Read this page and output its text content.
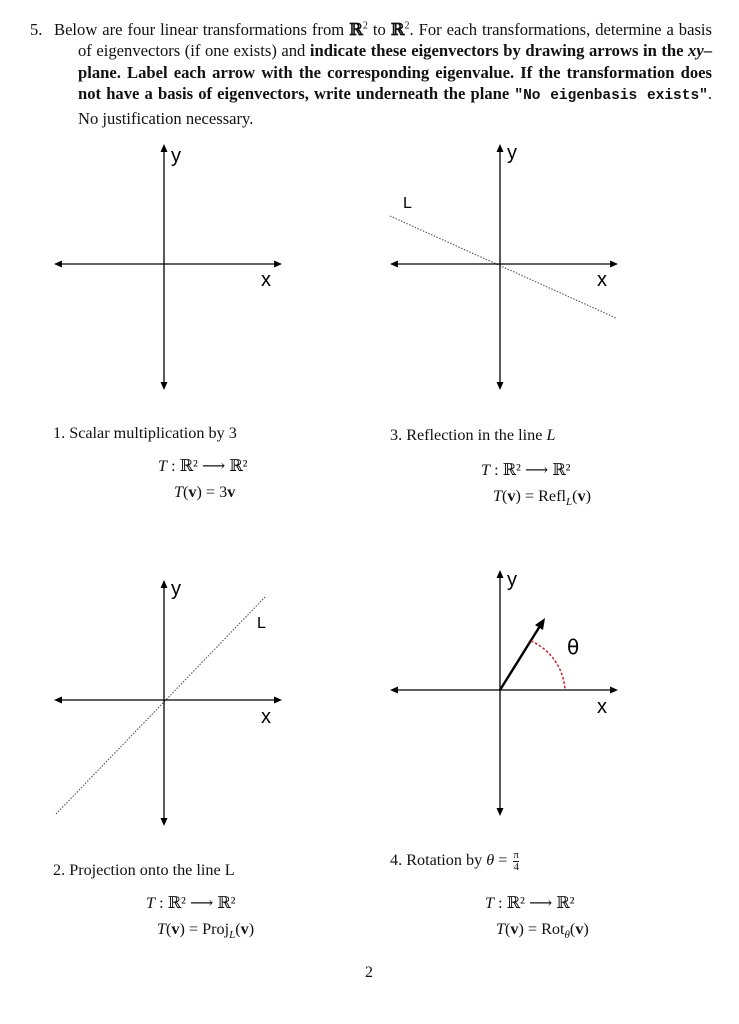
5. Below are four linear transformations from ℝ$^2$ to ℝ$^2$. For each transformations, determine a basis of eigenvectors (if one exists) and indicate these eigenvectors by drawing arrows in the xy–plane. Label each arrow with the corresponding eigenvalue. If the transformation does not have a basis of eigenvectors, write underneath the plane "No eigenbasis exists". No justification necessary.
y
x
y
x
L
1. Scalar multiplication by 3
T : ℝ² ⟶ ℝ²
T(v) = 3v
3. Reflection in the line L
T : ℝ² ⟶ ℝ²
T(v) = Refl$_L$(v)
y
x
L
θ
y
x
2. Projection onto the line L
T : ℝ² ⟶ ℝ²
T(v) = Proj$_L$(v)
4. Rotation by $\theta = \frac{\pi}{4}$
T : ℝ² ⟶ ℝ²
T(v) = Rot$_\theta$(v)
2
